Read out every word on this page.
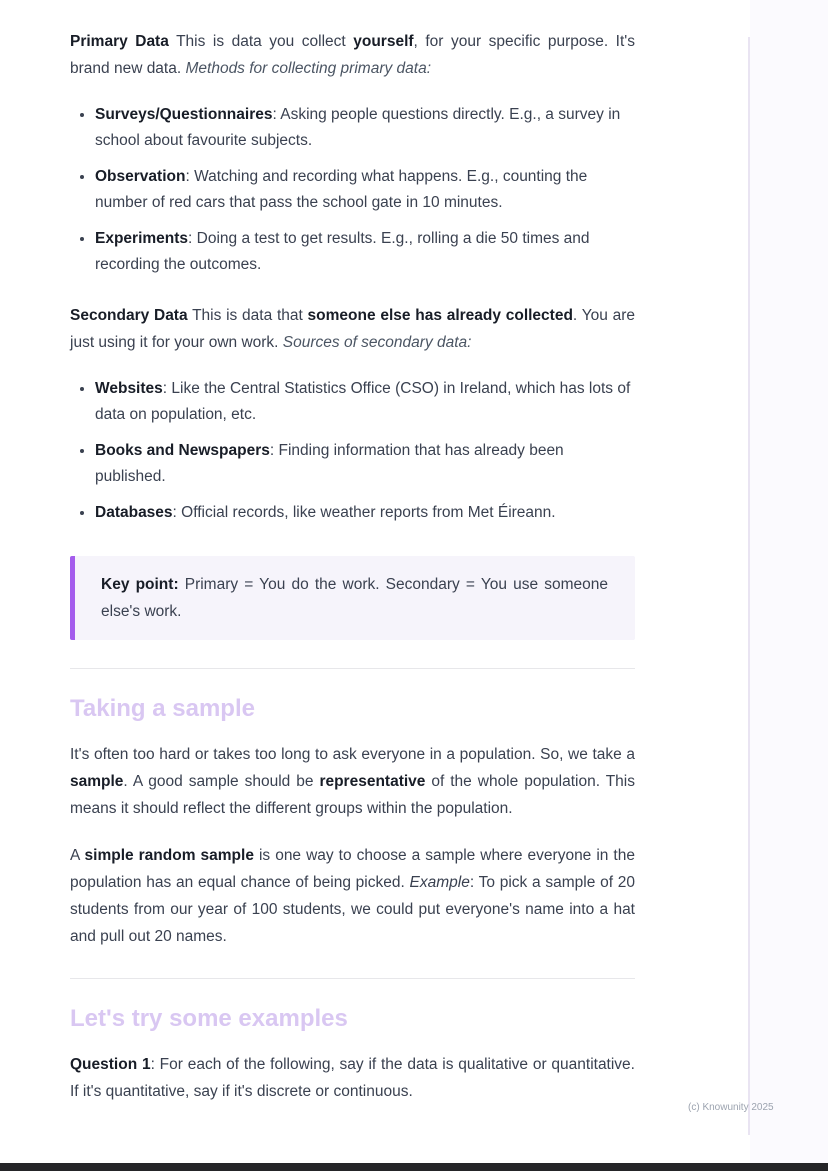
Primary Data This is data you collect yourself, for your specific purpose. It's brand new data. Methods for collecting primary data:

• Surveys/Questionnaires: Asking people questions directly. E.g., a survey in school about favourite subjects.
• Observation: Watching and recording what happens. E.g., counting the number of red cars that pass the school gate in 10 minutes.
• Experiments: Doing a test to get results. E.g., rolling a die 50 times and recording the outcomes.

Secondary Data This is data that someone else has already collected. You are just using it for your own work. Sources of secondary data:

• Websites: Like the Central Statistics Office (CSO) in Ireland, which has lots of data on population, etc.
• Books and Newspapers: Finding information that has already been published.
• Databases: Official records, like weather reports from Met Éireann.

Key point: Primary = You do the work. Secondary = You use someone else's work.

Taking a sample

It's often too hard or takes too long to ask everyone in a population. So, we take a sample. A good sample should be representative of the whole population. This means it should reflect the different groups within the population.

A simple random sample is one way to choose a sample where everyone in the population has an equal chance of being picked. Example: To pick a sample of 20 students from our year of 100 students, we could put everyone's name into a hat and pull out 20 names.

Let's try some examples

Question 1: For each of the following, say if the data is qualitative or quantitative. If it's quantitative, say if it's discrete or continuous.

(c) Knowunity 2025
